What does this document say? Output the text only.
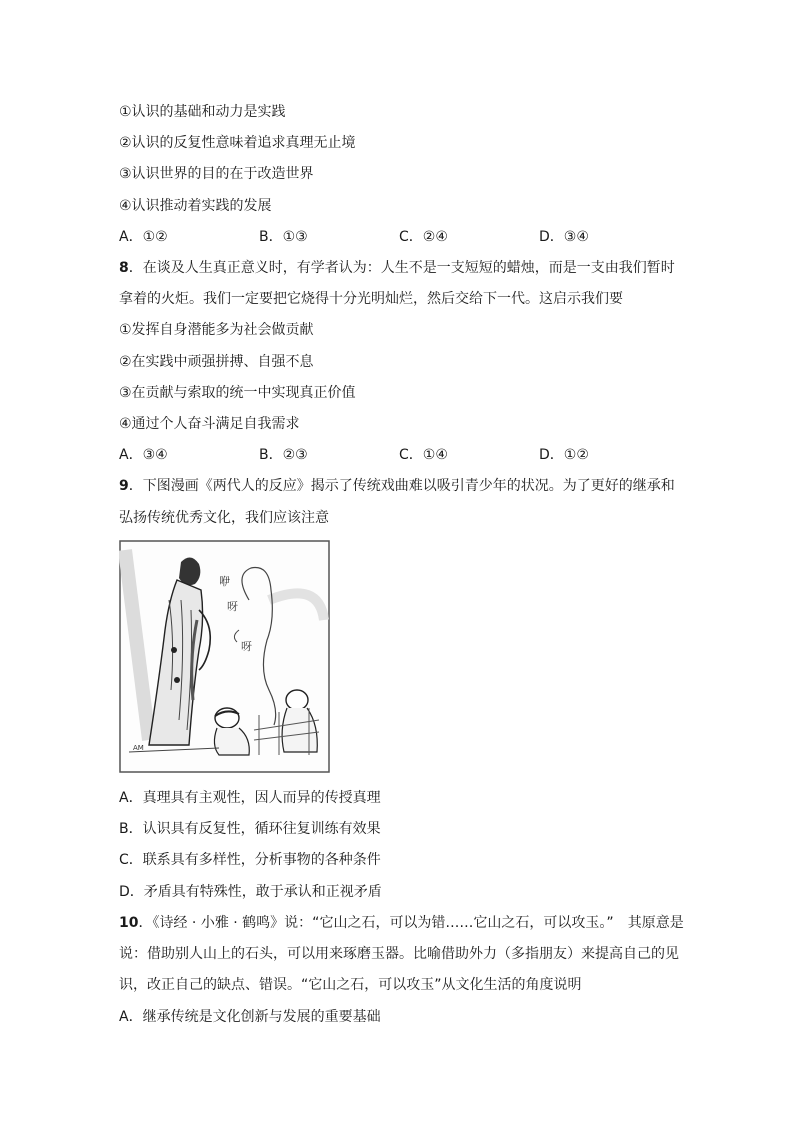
①认识的基础和动力是实践
②认识的反复性意味着追求真理无止境
③认识世界的目的在于改造世界
④认识推动着实践的发展
A．①②	B．①③	C．②④	D．③④
8．在谈及人生真正意义时，有学者认为：人生不是一支短短的蜡烛，而是一支由我们暂时
拿着的火炬。我们一定要把它烧得十分光明灿烂，然后交给下一代。这启示我们要
①发挥自身潜能多为社会做贡献
②在实践中顽强拼搏、自强不息
③在贡献与索取的统一中实现真正价值
④通过个人奋斗满足自我需求
A．③④	B．②③	C．①④	D．①②
9．下图漫画《两代人的反应》揭示了传统戏曲难以吸引青少年的状况。为了更好的继承和
弘扬传统优秀文化，我们应该注意
咿
呀
呀
AM
A．真理具有主观性，因人而异的传授真理
B．认识具有反复性，循环往复训练有效果
C．联系具有多样性，分析事物的各种条件
D．矛盾具有特殊性，敢于承认和正视矛盾
10．《诗经 · 小雅 · 鹤鸣》说：“它山之石，可以为错……它山之石，可以攻玉。”　其原意是
说：借助别人山上的石头，可以用来琢磨玉器。比喻借助外力（多指朋友）来提高自己的见
识，改正自己的缺点、错误。“它山之石，可以攻玉”从文化生活的角度说明
A．继承传统是文化创新与发展的重要基础
